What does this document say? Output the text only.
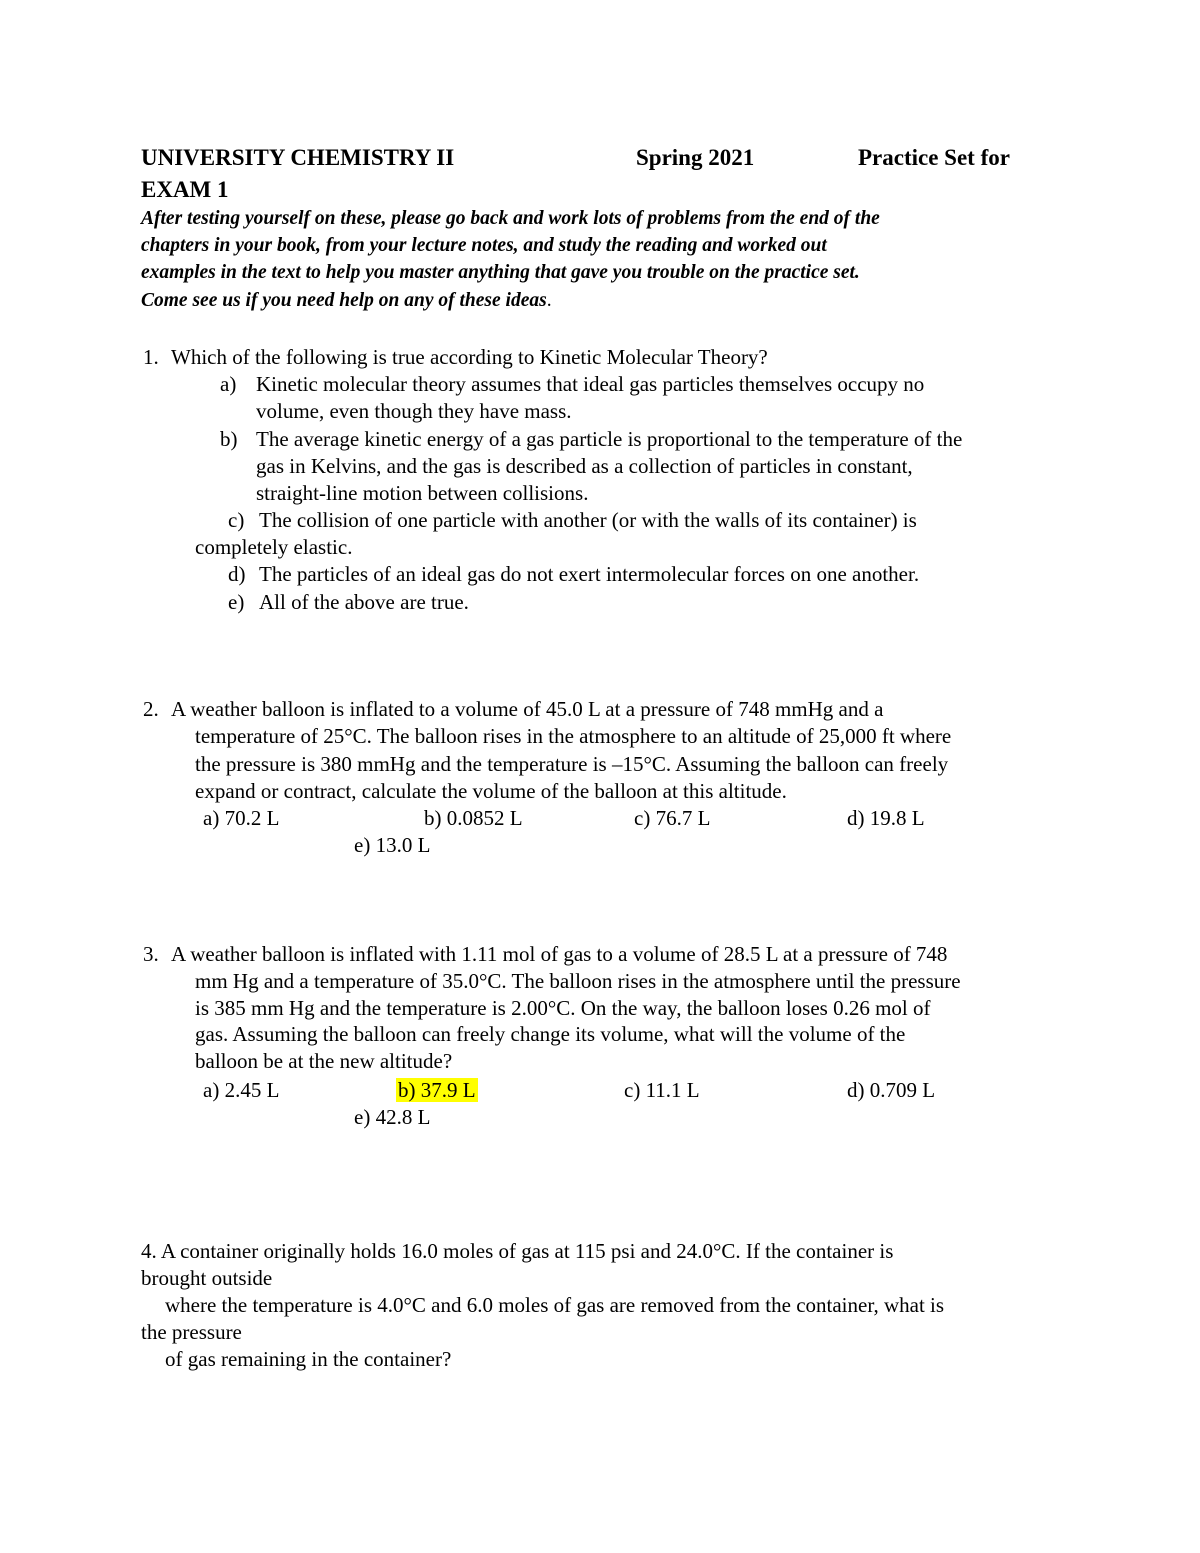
UNIVERSITY CHEMISTRY II	Spring 2021	Practice Set for
EXAM 1
After testing yourself on these, please go back and work lots of problems from the end of the
chapters in your book, from your lecture notes, and study the reading and worked out
examples in the text to help you master anything that gave you trouble on the practice set.
Come see us if you need help on any of these ideas.
1. Which of the following is true according to Kinetic Molecular Theory?
a) Kinetic molecular theory assumes that ideal gas particles themselves occupy no
volume, even though they have mass.
b) The average kinetic energy of a gas particle is proportional to the temperature of the
gas in Kelvins, and the gas is described as a collection of particles in constant,
straight-line motion between collisions.
c) The collision of one particle with another (or with the walls of its container) is
completely elastic.
d) The particles of an ideal gas do not exert intermolecular forces on one another.
e) All of the above are true.
2. A weather balloon is inflated to a volume of 45.0 L at a pressure of 748 mmHg and a
temperature of 25°C. The balloon rises in the atmosphere to an altitude of 25,000 ft where
the pressure is 380 mmHg and the temperature is –15°C. Assuming the balloon can freely
expand or contract, calculate the volume of the balloon at this altitude.
a) 70.2 L	b) 0.0852 L	c) 76.7 L	d) 19.8 L
e) 13.0 L
3. A weather balloon is inflated with 1.11 mol of gas to a volume of 28.5 L at a pressure of 748
mm Hg and a temperature of 35.0°C. The balloon rises in the atmosphere until the pressure
is 385 mm Hg and the temperature is 2.00°C. On the way, the balloon loses 0.26 mol of
gas. Assuming the balloon can freely change its volume, what will the volume of the
balloon be at the new altitude?
a) 2.45 L	b) 37.9 L	c) 11.1 L	d) 0.709 L
e) 42.8 L
4. A container originally holds 16.0 moles of gas at 115 psi and 24.0°C. If the container is
brought outside
where the temperature is 4.0°C and 6.0 moles of gas are removed from the container, what is
the pressure
of gas remaining in the container?
